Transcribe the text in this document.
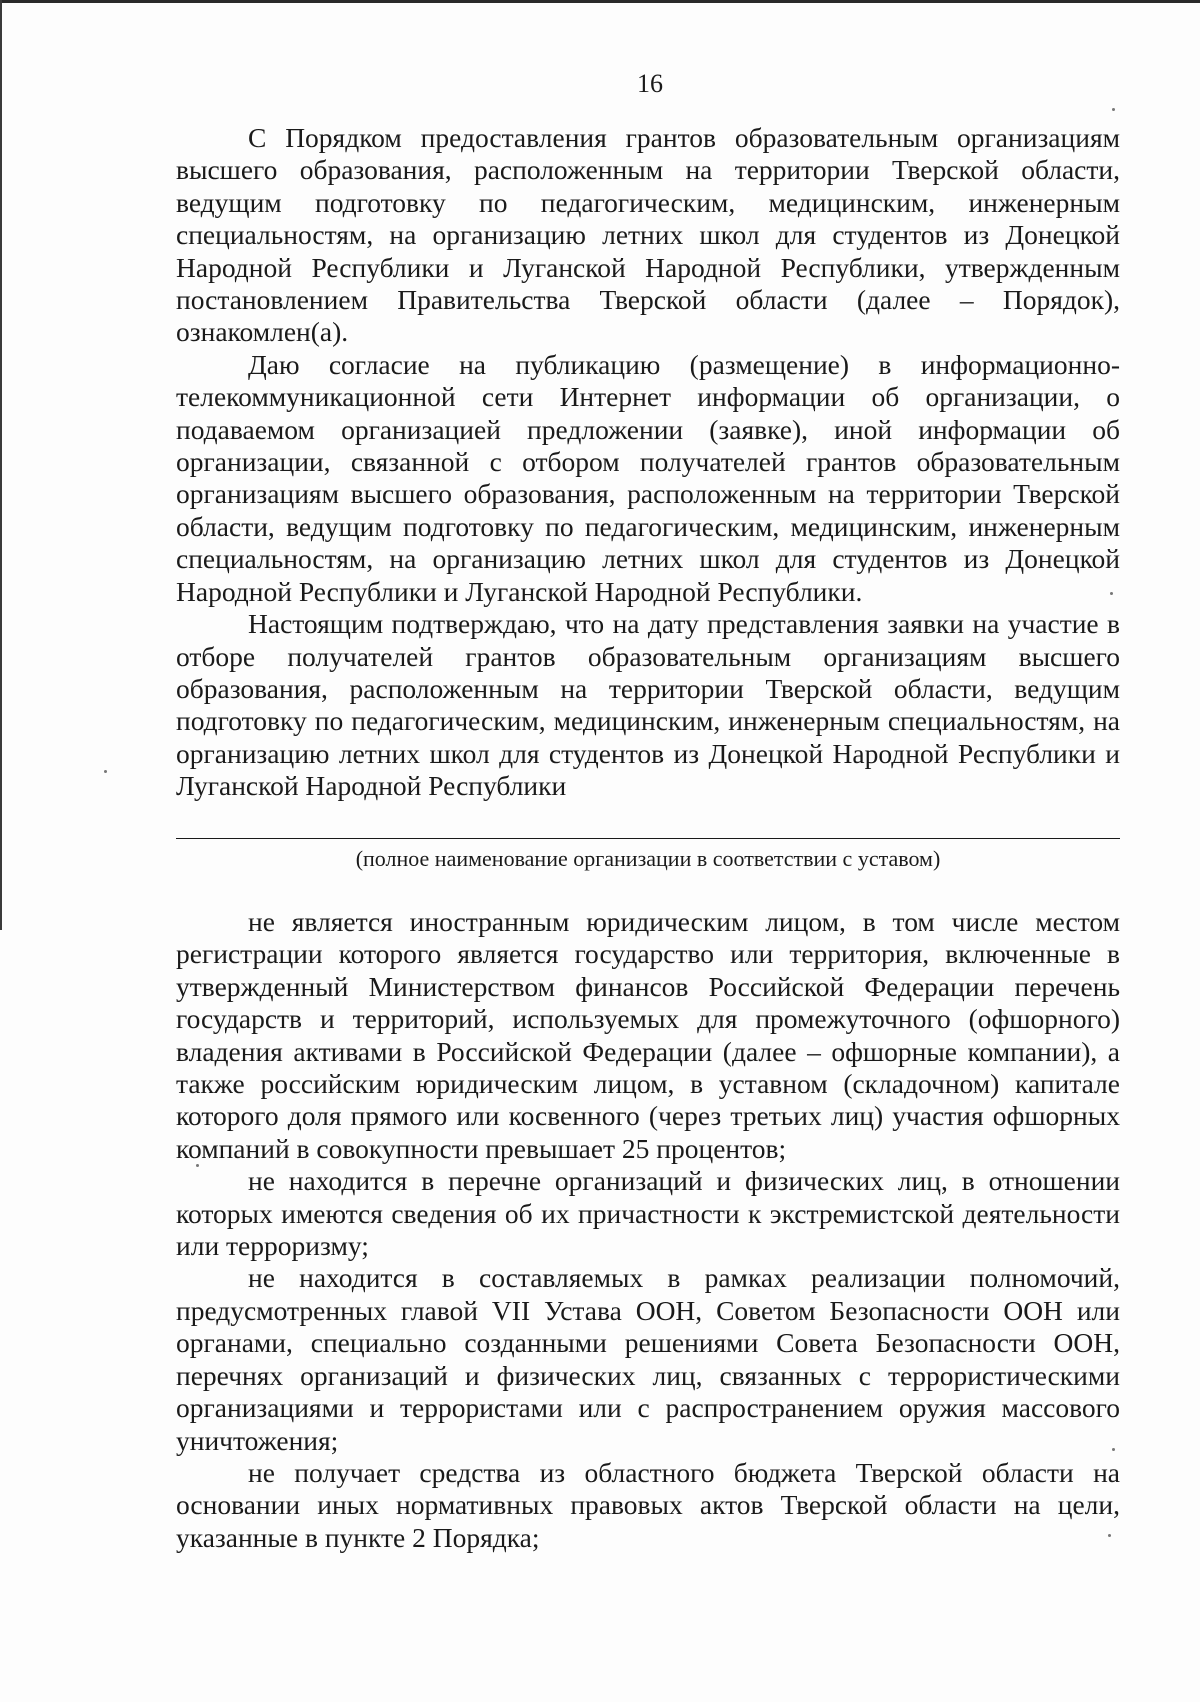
16

С Порядком предоставления грантов образовательным организациям высшего образования, расположенным на территории Тверской области, ведущим подготовку по педагогическим, медицинским, инженерным специальностям, на организацию летних школ для студентов из Донецкой Народной Республики и Луганской Народной Республики, утвержденным постановлением Правительства Тверской области (далее – Порядок), ознакомлен(а).

Даю согласие на публикацию (размещение) в информационно-телекоммуникационной сети Интернет информации об организации, о подаваемом организацией предложении (заявке), иной информации об организации, связанной с отбором получателей грантов образовательным организациям высшего образования, расположенным на территории Тверской области, ведущим подготовку по педагогическим, медицинским, инженерным специальностям, на организацию летних школ для студентов из Донецкой Народной Республики и Луганской Народной Республики.

Настоящим подтверждаю, что на дату представления заявки на участие в отборе получателей грантов образовательным организациям высшего образования, расположенным на территории Тверской области, ведущим подготовку по педагогическим, медицинским, инженерным специальностям, на организацию летних школ для студентов из Донецкой Народной Республики и Луганской Народной Республики

(полное наименование организации в соответствии с уставом)

не является иностранным юридическим лицом, в том числе местом регистрации которого является государство или территория, включенные в утвержденный Министерством финансов Российской Федерации перечень государств и территорий, используемых для промежуточного (офшорного) владения активами в Российской Федерации (далее – офшорные компании), а также российским юридическим лицом, в уставном (складочном) капитале которого доля прямого или косвенного (через третьих лиц) участия офшорных компаний в совокупности превышает 25 процентов;

не находится в перечне организаций и физических лиц, в отношении которых имеются сведения об их причастности к экстремистской деятельности или терроризму;

не находится в составляемых в рамках реализации полномочий, предусмотренных главой VII Устава ООН, Советом Безопасности ООН или органами, специально созданными решениями Совета Безопасности ООН, перечнях организаций и физических лиц, связанных с террористическими организациями и террористами или с распространением оружия массового уничтожения;

не получает средства из областного бюджета Тверской области на основании иных нормативных правовых актов Тверской области на цели, указанные в пункте 2 Порядка;
